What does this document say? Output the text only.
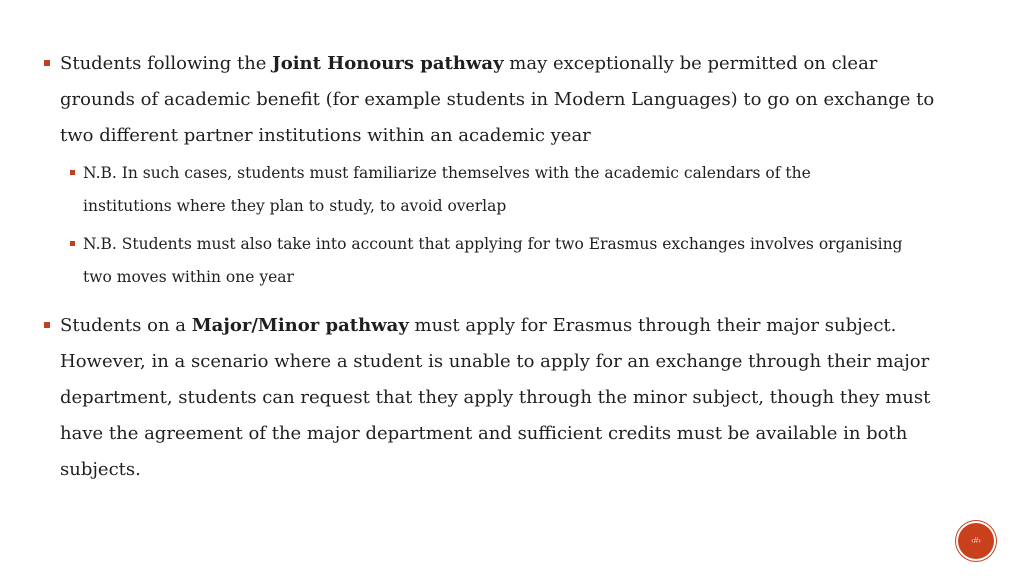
Students following the Joint Honours pathway may exceptionally be permitted on clear grounds of academic benefit (for example students in Modern Languages) to go on exchange to two different partner institutions within an academic year
N.B. In such cases, students must familiarize themselves with the academic calendars of the institutions where they plan to study, to avoid overlap
N.B. Students must also take into account that applying for two Erasmus exchanges involves organising two moves within one year
Students on a Major/Minor pathway must apply for Erasmus through their major subject. However, in a scenario where a student is unable to apply for an exchange through their major department, students can request that they apply through the minor subject, though they must have the agreement of the major department and sufficient credits must be available in both subjects.
‹#›
